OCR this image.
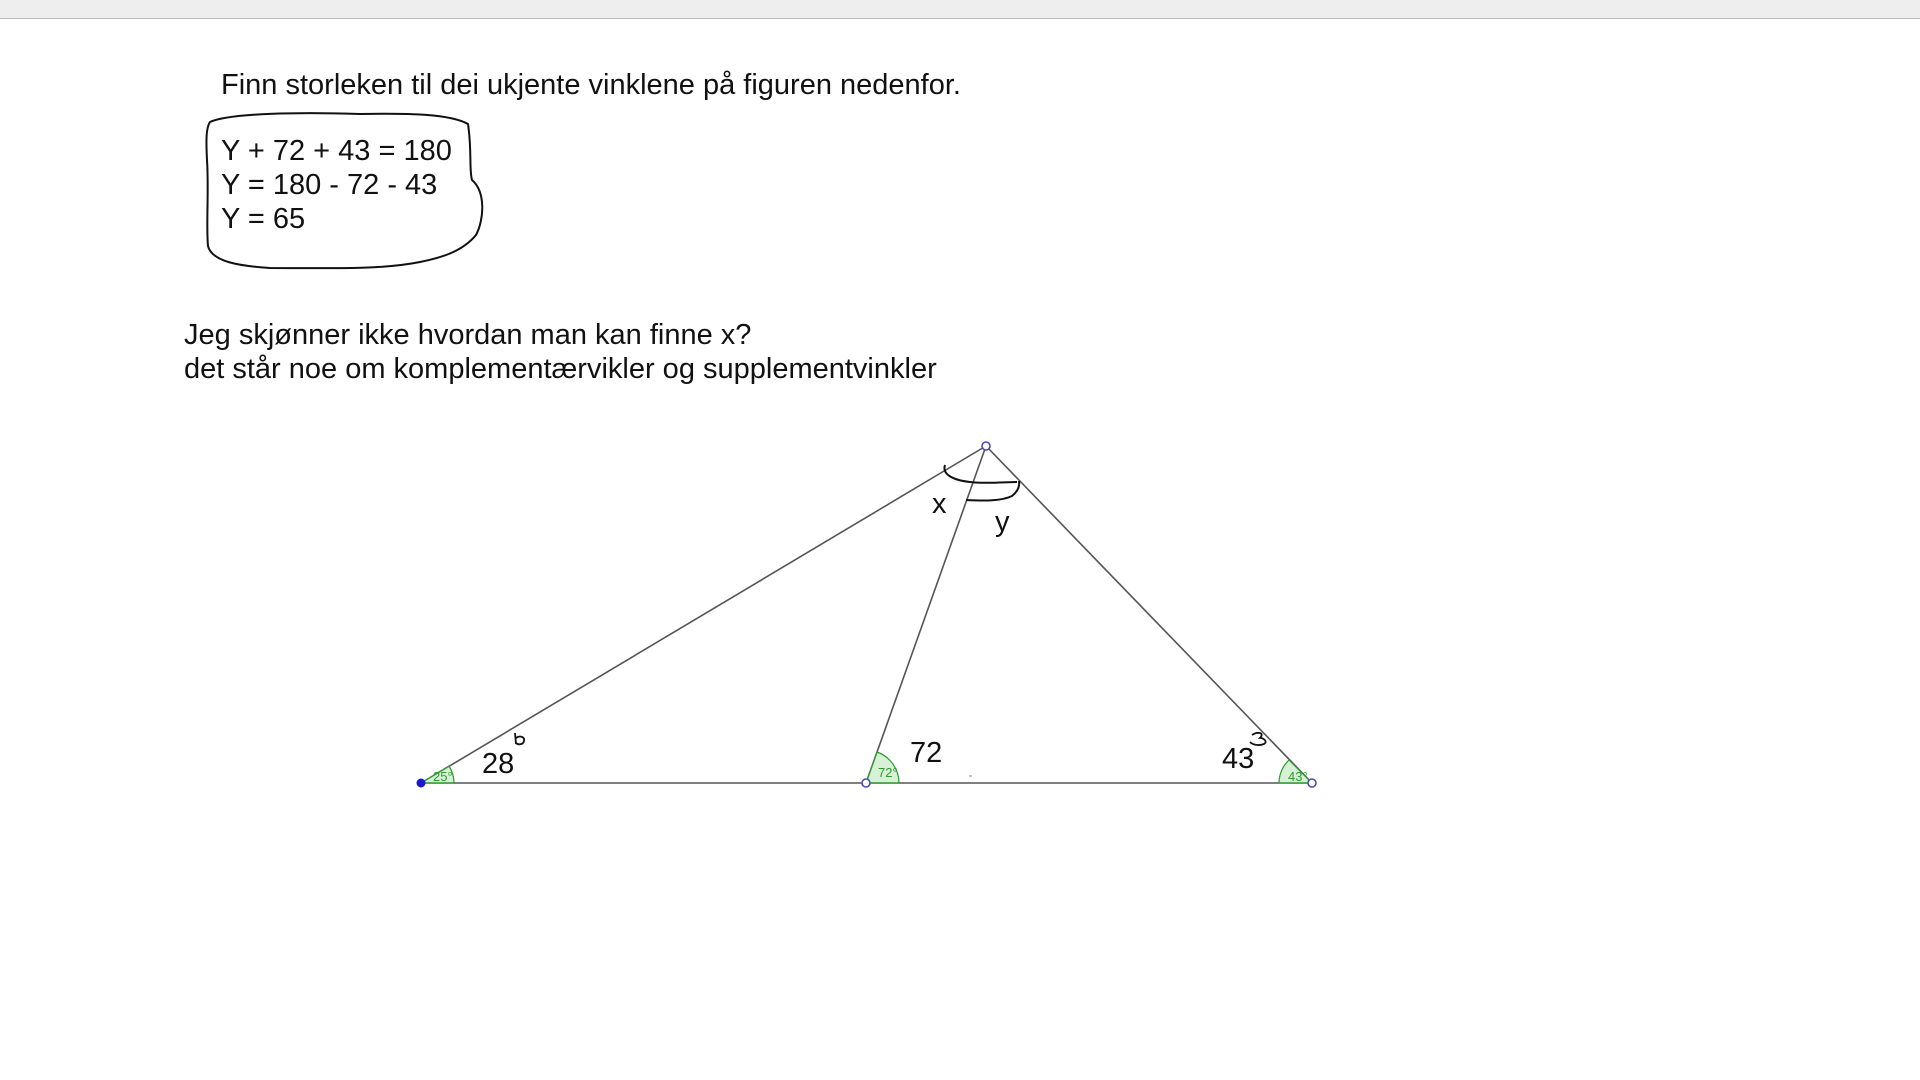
Finn storleken til dei ukjente vinklene på figuren nedenfor.
25°	72°	43°
28	72	43
x
y
Y + 72 + 43 = 180
Y = 180 - 72 - 43
Y = 65
Jeg skjønner ikke hvordan man kan finne x?
det står noe om komplementærvikler og supplementvinkler
